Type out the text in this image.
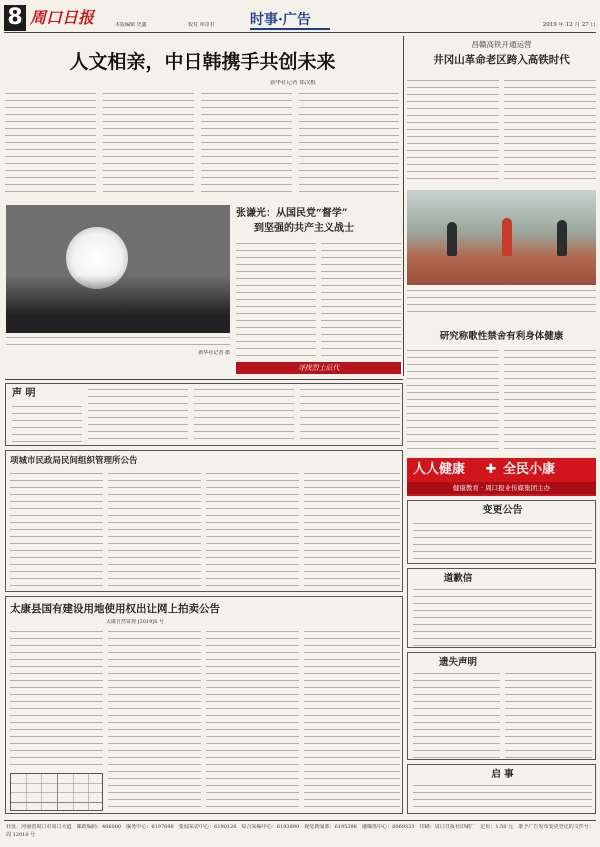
8 周口日报	本版编辑 史鑫	校对 单卓君	时事·广告	2019 年 12 月 27 日
人文相亲，中日韩携手共创未来
新华社记者 郑汉根
昌赣高铁开通运营
井冈山革命老区跨入高铁时代
新华社记者 摄
张谦光：从国民党“督学”
到坚强的共产主义战士
寻找烈士后代
研究称歌性禁舍有利身体健康
人人健康	✚ 全民小康
健康教育 · 周口报业传媒集团主办
声 明
项城市民政局民间组织管理所公告
变更公告
太康县国有建设用地使用权出让网上拍卖公告
太康自然资规 [2019]8 号
道歉信
遗失声明
启 事
社址：河南省周口市周口大道　邮政编码：466000　编务中心：6197698　要闻采访中心：6190126　综合采编中心：6193890　视觉新闻部：6195398　融媒体中心：6069333　印刷：周口日报社印刷厂　定价：1.50 元　准予广告发布变更登记的文件号：周 12010 号
